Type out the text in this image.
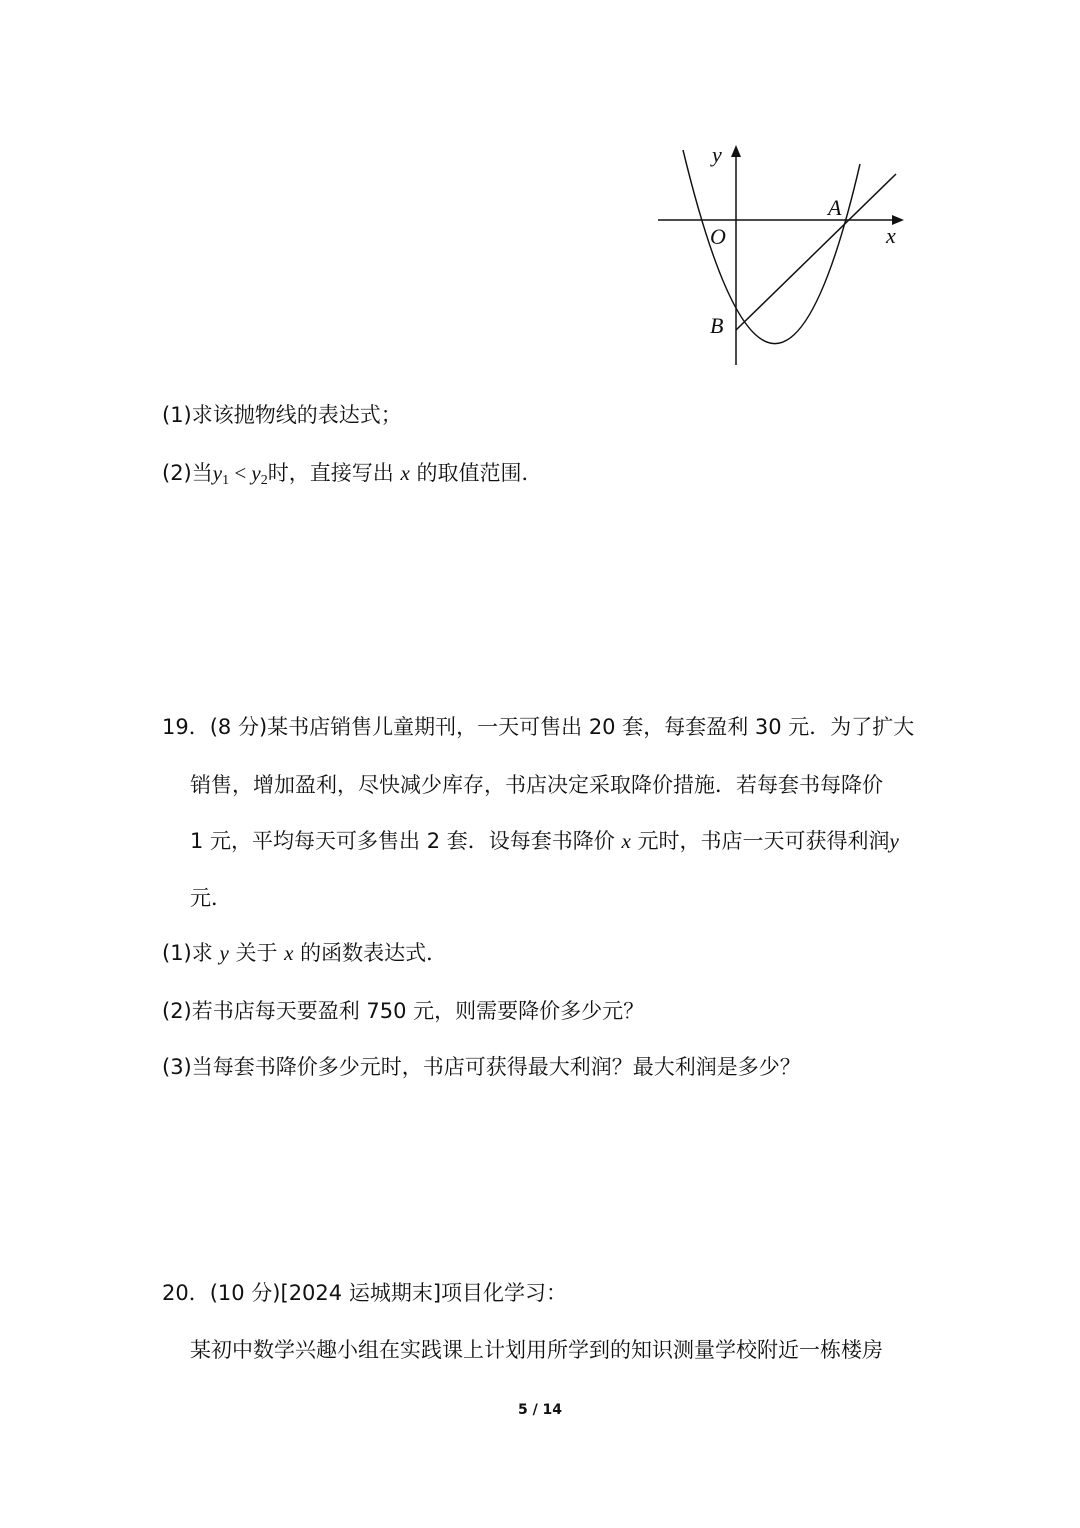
y
x
O
A
B
(1)求该抛物线的表达式；
(2)当$y_1 < y_2$时，直接写出 x 的取值范围．
19．(8 分)某书店销售儿童期刊，一天可售出 20 套，每套盈利 30 元．为了扩大
销售，增加盈利，尽快减少库存，书店决定采取降价措施．若每套书每降价
1 元，平均每天可多售出 2 套．设每套书降价 x 元时，书店一天可获得利润y
元．
(1)求 y 关于 x 的函数表达式．
(2)若书店每天要盈利 750 元，则需要降价多少元？
(3)当每套书降价多少元时，书店可获得最大利润？最大利润是多少？
20．(10 分)[2024 运城期末]项目化学习：
某初中数学兴趣小组在实践课上计划用所学到的知识测量学校附近一栋楼房
5 / 14
